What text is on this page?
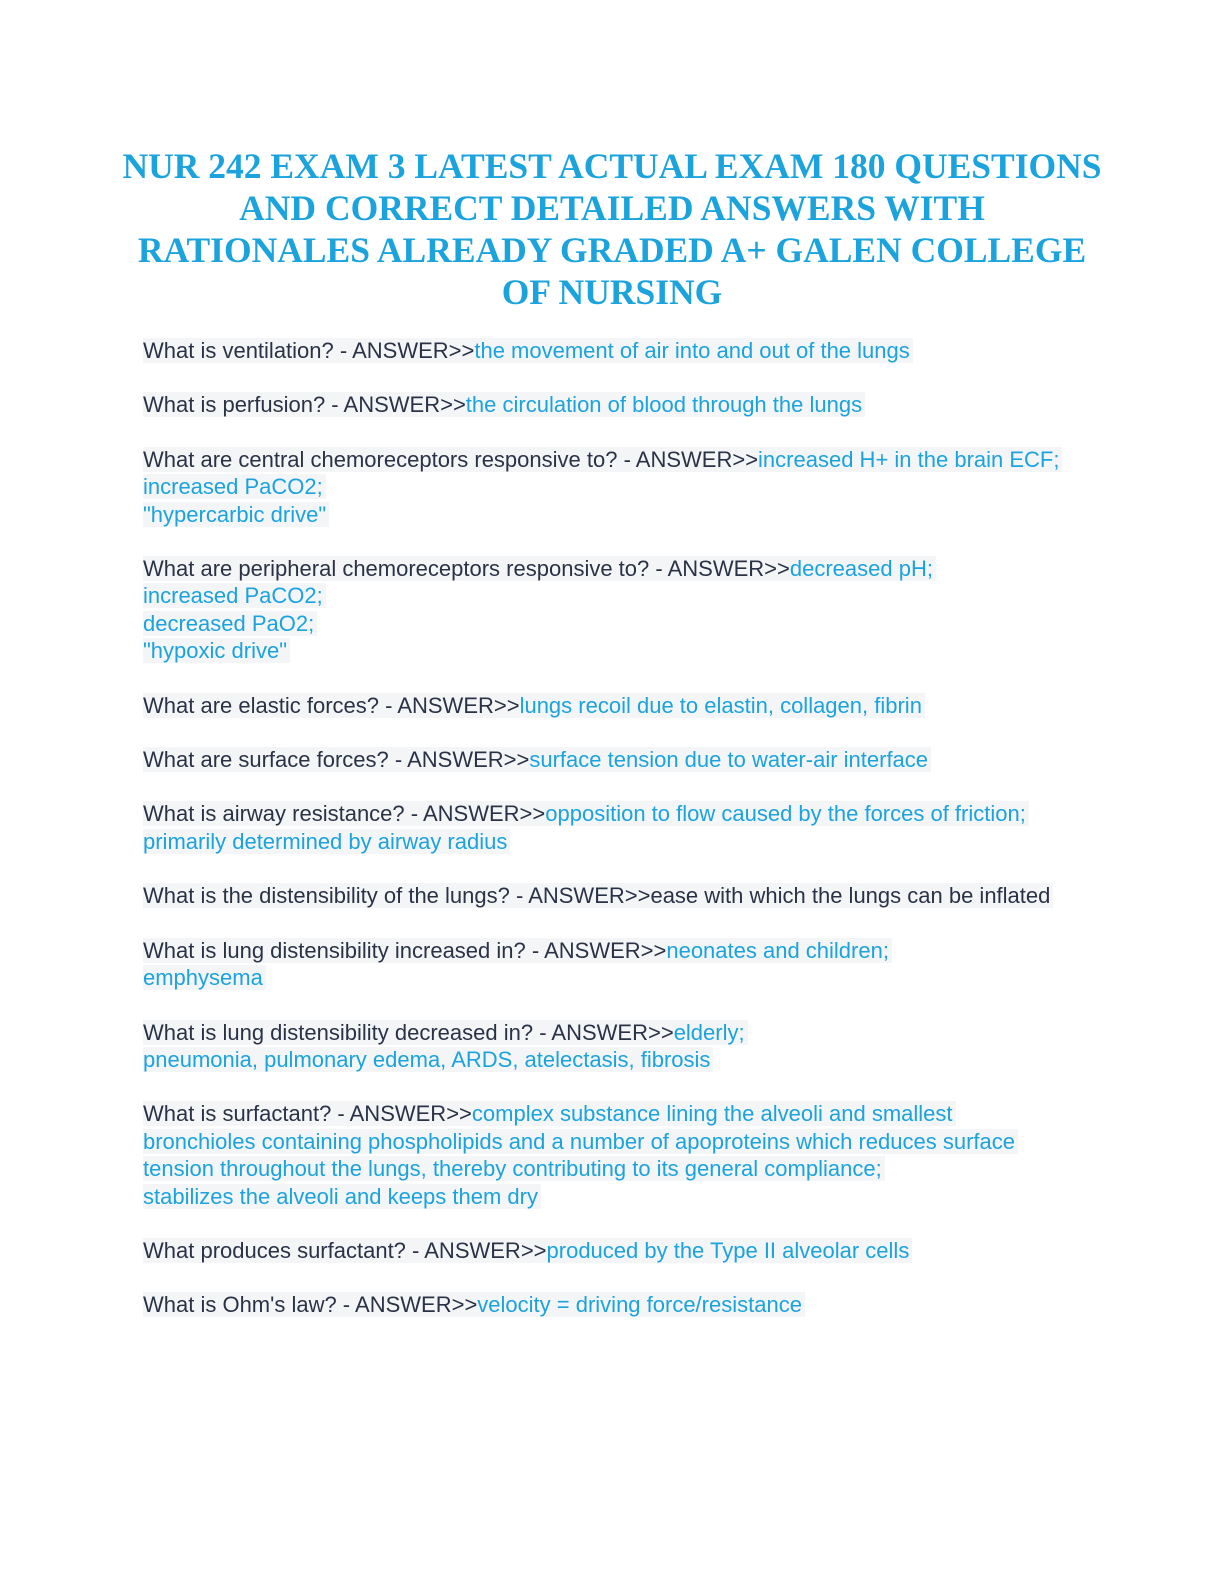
NUR 242 EXAM 3 LATEST ACTUAL EXAM 180 QUESTIONS AND CORRECT DETAILED ANSWERS WITH RATIONALES ALREADY GRADED A+ GALEN COLLEGE OF NURSING

What is ventilation? - ANSWER>>the movement of air into and out of the lungs

What is perfusion? - ANSWER>>the circulation of blood through the lungs

What are central chemoreceptors responsive to? - ANSWER>>increased H+ in the brain ECF;
increased PaCO2;
"hypercarbic drive"

What are peripheral chemoreceptors responsive to? - ANSWER>>decreased pH;
increased PaCO2;
decreased PaO2;
"hypoxic drive"

What are elastic forces? - ANSWER>>lungs recoil due to elastin, collagen, fibrin

What are surface forces? - ANSWER>>surface tension due to water-air interface

What is airway resistance? - ANSWER>>opposition to flow caused by the forces of friction; primarily determined by airway radius

What is the distensibility of the lungs? - ANSWER>>ease with which the lungs can be inflated

What is lung distensibility increased in? - ANSWER>>neonates and children;
emphysema

What is lung distensibility decreased in? - ANSWER>>elderly;
pneumonia, pulmonary edema, ARDS, atelectasis, fibrosis

What is surfactant? - ANSWER>>complex substance lining the alveoli and smallest bronchioles containing phospholipids and a number of apoproteins which reduces surface tension throughout the lungs, thereby contributing to its general compliance;
stabilizes the alveoli and keeps them dry

What produces surfactant? - ANSWER>>produced by the Type II alveolar cells

What is Ohm's law? - ANSWER>>velocity = driving force/resistance
